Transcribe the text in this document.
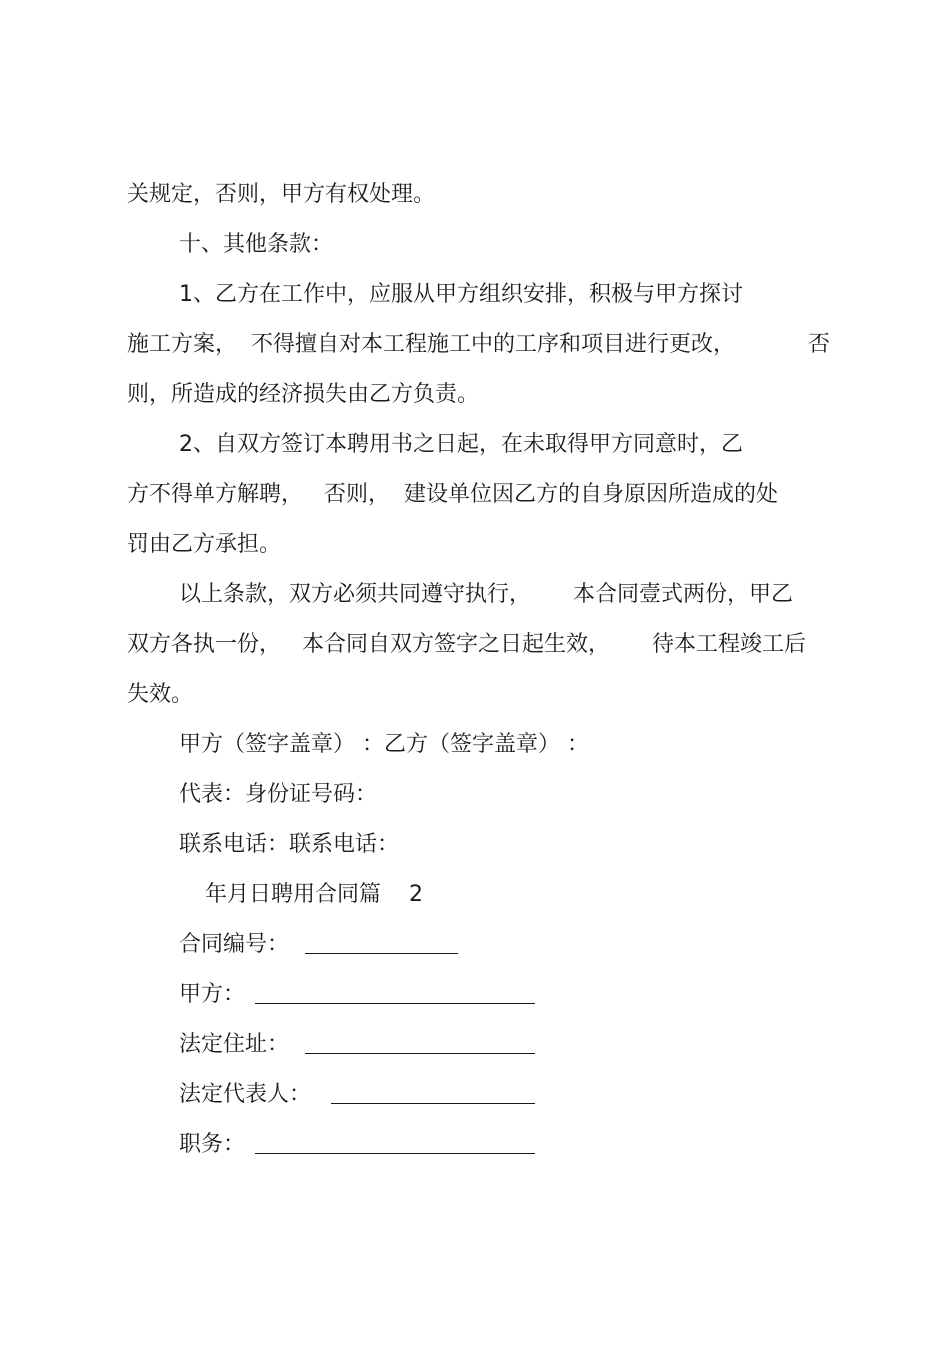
关规定，否则，甲方有权处理。

十、其他条款：

1、乙方在工作中，应服从甲方组织安排，积极与甲方探讨

施工方案，  不得擅自对本工程施工中的工序和项目进行更改，	否

则，所造成的经济损失由乙方负责。

2、自双方签订本聘用书之日起，在未取得甲方同意时，乙

方不得单方解聘，   否则，  建设单位因乙方的自身原因所造成的处

罚由乙方承担。

以上条款，双方必须共同遵守执行，      本合同壹式两份，甲乙

双方各执一份，   本合同自双方签字之日起生效，      待本工程竣工后

失效。

甲方（签字盖章） ：乙方（签字盖章） ：

代表：身份证号码：

联系电话：联系电话：

年月日聘用合同篇    2

合同编号：

甲方：

法定住址：

法定代表人：

职务：
